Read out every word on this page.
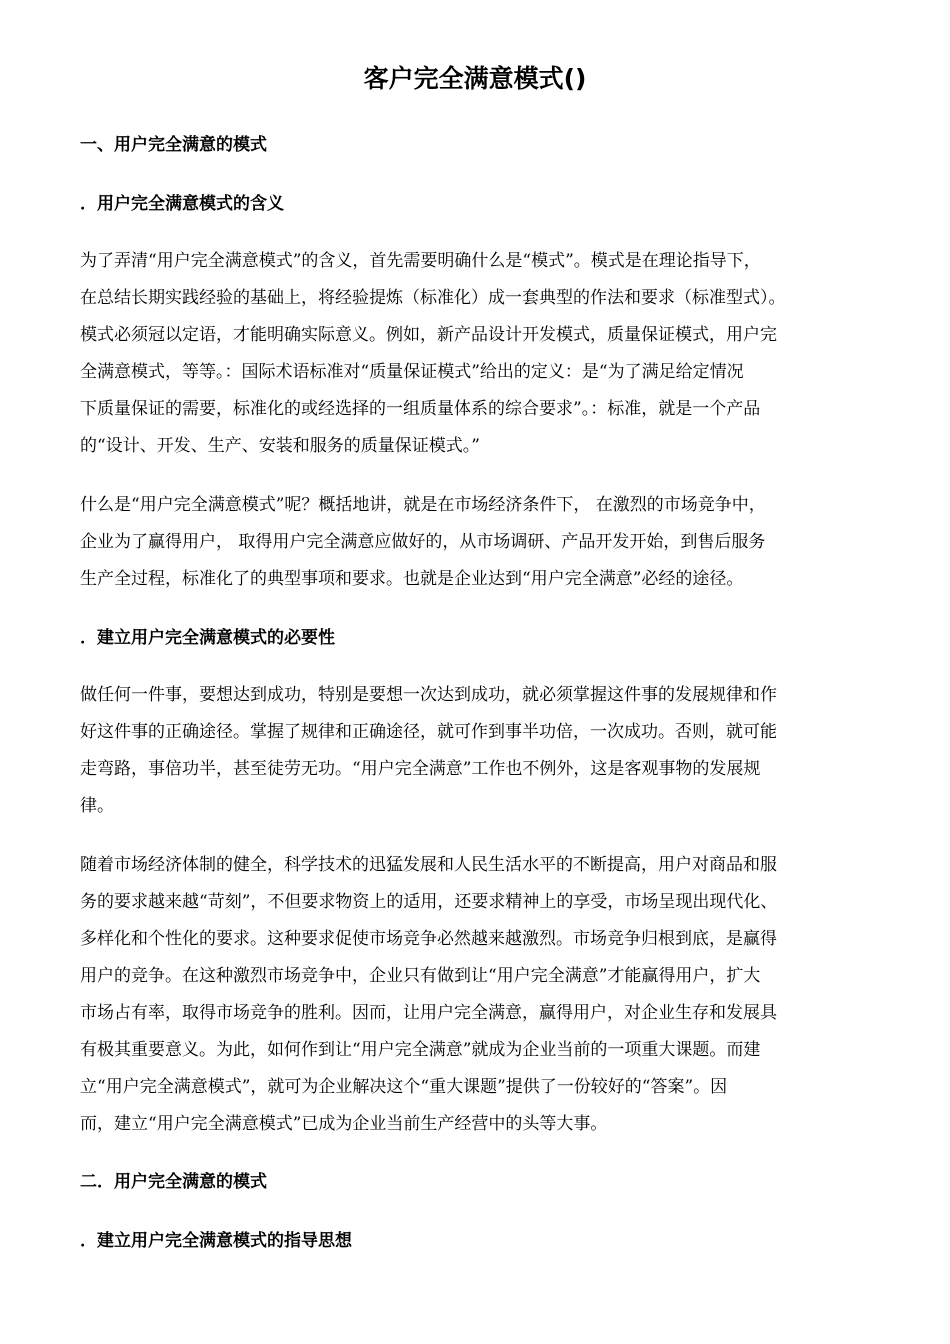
客户完全满意模式()
一、用户完全满意的模式
．用户完全满意模式的含义
为了弄清“用户完全满意模式”的含义，首先需要明确什么是“模式”。模式是在理论指导下，
在总结长期实践经验的基础上，将经验提炼（标准化）成一套典型的作法和要求（标准型式）。
模式必须冠以定语，才能明确实际意义。例如，新产品设计开发模式，质量保证模式，用户完
全满意模式，等等。：国际术语标准对“质量保证模式”给出的定义：是“为了满足给定情况
下质量保证的需要，标准化的或经选择的一组质量体系的综合要求”。：标准，就是一个产品
的“设计、开发、生产、安装和服务的质量保证模式。”
什么是“用户完全满意模式”呢？概括地讲，就是在市场经济条件下， 在激烈的市场竞争中，
企业为了赢得用户， 取得用户完全满意应做好的，从市场调研、产品开发开始，到售后服务
生产全过程，标准化了的典型事项和要求。也就是企业达到“用户完全满意”必经的途径。
．建立用户完全满意模式的必要性
做任何一件事，要想达到成功，特别是要想一次达到成功，就必须掌握这件事的发展规律和作
好这件事的正确途径。掌握了规律和正确途径，就可作到事半功倍，一次成功。否则，就可能
走弯路，事倍功半，甚至徒劳无功。“用户完全满意”工作也不例外，这是客观事物的发展规
律。
随着市场经济体制的健全，科学技术的迅猛发展和人民生活水平的不断提高，用户对商品和服
务的要求越来越“苛刻”，不但要求物资上的适用，还要求精神上的享受，市场呈现出现代化、
多样化和个性化的要求。这种要求促使市场竞争必然越来越激烈。市场竞争归根到底，是赢得
用户的竞争。在这种激烈市场竞争中，企业只有做到让“用户完全满意”才能赢得用户，扩大
市场占有率，取得市场竞争的胜利。因而，让用户完全满意，赢得用户，对企业生存和发展具
有极其重要意义。为此，如何作到让“用户完全满意”就成为企业当前的一项重大课题。而建
立“用户完全满意模式”，就可为企业解决这个“重大课题”提供了一份较好的“答案”。因
而，建立“用户完全满意模式”已成为企业当前生产经营中的头等大事。
二．用户完全满意的模式
．建立用户完全满意模式的指导思想
